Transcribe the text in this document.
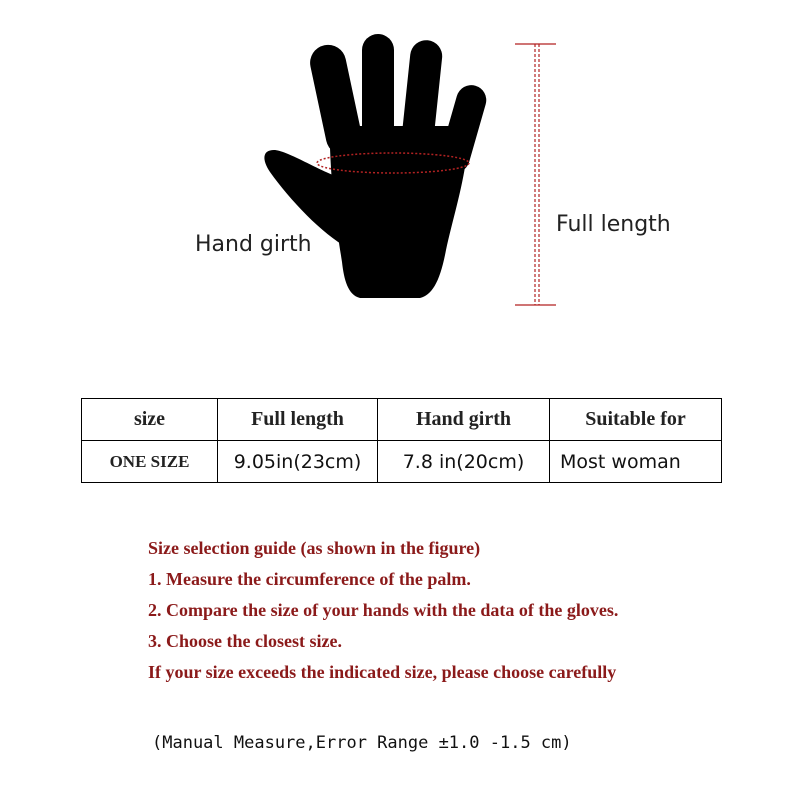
Hand girth
Full length
size	Full length	Hand girth	Suitable for
ONE SIZE	9.05in(23cm)	7.8 in(20cm)	Most woman
Size selection guide (as shown in the figure)
1. Measure the circumference of the palm.
2. Compare the size of your hands with the data of the gloves.
3. Choose the closest size.
If your size exceeds the indicated size, please choose carefully
(Manual Measure,Error Range ±1.0 -1.5 cm)
